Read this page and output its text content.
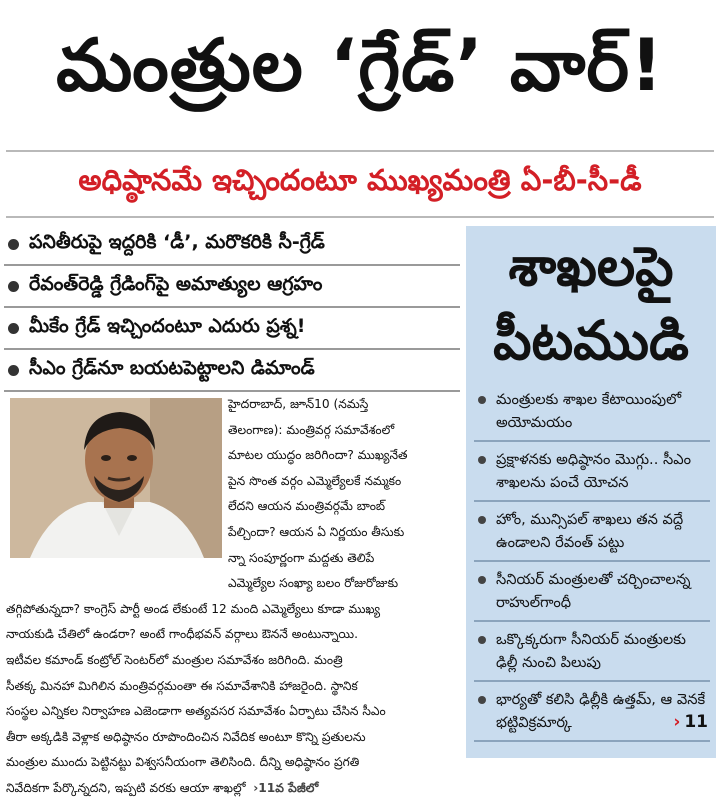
మంత్రుల ‘గ్రేడ్’ వార్!
అధిష్ఠానమే ఇచ్చిందంటూ ముఖ్యమంత్రి ఏ-బీ-సీ-డీ
పనితీరుపై ఇద్దరికి ‘డీ’, మరొకరికి సీ-గ్రేడ్
రేవంత్‌రెడ్డి గ్రేడింగ్‌పై అమాత్యుల ఆగ్రహం
మీకేం గ్రేడ్ ఇచ్చిందంటూ ఎదురు ప్రశ్న!
సీఎం గ్రేడ్‌నూ బయటపెట్టాలని డిమాండ్
హైదరాబాద్, జూన్10 (నమస్తే
తెలంగాణ): మంత్రివర్గ సమావేశంలో
మాటల యుద్ధం జరిగిందా? ముఖ్యనేత
పైన సొంత వర్గం ఎమ్మెల్యేలకే నమ్మకం
లేదని ఆయన మంత్రివర్గమే బాంబ్
పేల్చిందా? ఆయన ఏ నిర్ణయం తీసుకు
న్నా సంపూర్ణంగా మద్దతు తెలిపే
ఎమ్మెల్యేల సంఖ్యా బలం రోజురోజుకు
తగ్గిపోతున్నదా? కాంగ్రెస్ పార్టీ అండ లేకుంటే 12 మంది ఎమ్మెల్యేలు కూడా ముఖ్య
నాయకుడి చేతిలో ఉండరా? అంటే గాంధీభవన్ వర్గాలు ఔననే అంటున్నాయి.
ఇటీవల కమాండ్ కంట్రోల్ సెంటర్‌లో మంత్రుల సమావేశం జరిగింది. మంత్రి
సీతక్క మినహా మిగిలిన మంత్రివర్గమంతా ఈ సమావేశానికి హాజరైంది. స్థానిక
సంస్థల ఎన్నికల నిర్వాహణ ఎజెండాగా అత్యవసర సమావేశం ఏర్పాటు చేసిన సీఎం
తీరా అక్కడికి వెళ్లాక అధిష్ఠానం రూపొందించిన నివేదిక అంటూ కొన్ని ప్రతులను
మంత్రుల ముందు పెట్టినట్టు విశ్వసనీయంగా తెలిసింది. దీన్ని అధిష్ఠానం ప్రగతి
నివేదికగా పేర్కొన్నదని, ఇప్పటి వరకు ఆయా శాఖల్లో ›11వ పేజీలో
శాఖలపై
పీటముడి
మంత్రులకు శాఖల కేటాయింపులో అయోమయం
ప్రక్షాళనకు అధిష్ఠానం మొగ్గు.. సీఎం శాఖలను పంచే యోచన
హోం, మున్సిపల్ శాఖలు తన వద్దే ఉండాలని రేవంత్ పట్టు
సీనియర్ మంత్రులతో చర్చించాలన్న రాహుల్‌గాంధీ
ఒక్కొక్కరుగా సీనియర్ మంత్రులకు ఢిల్లీ నుంచి పిలుపు
భార్యతో కలిసి ఢిల్లీకి ఉత్తమ్, ఆ వెనకే భట్టివిక్రమార్క	› 11
